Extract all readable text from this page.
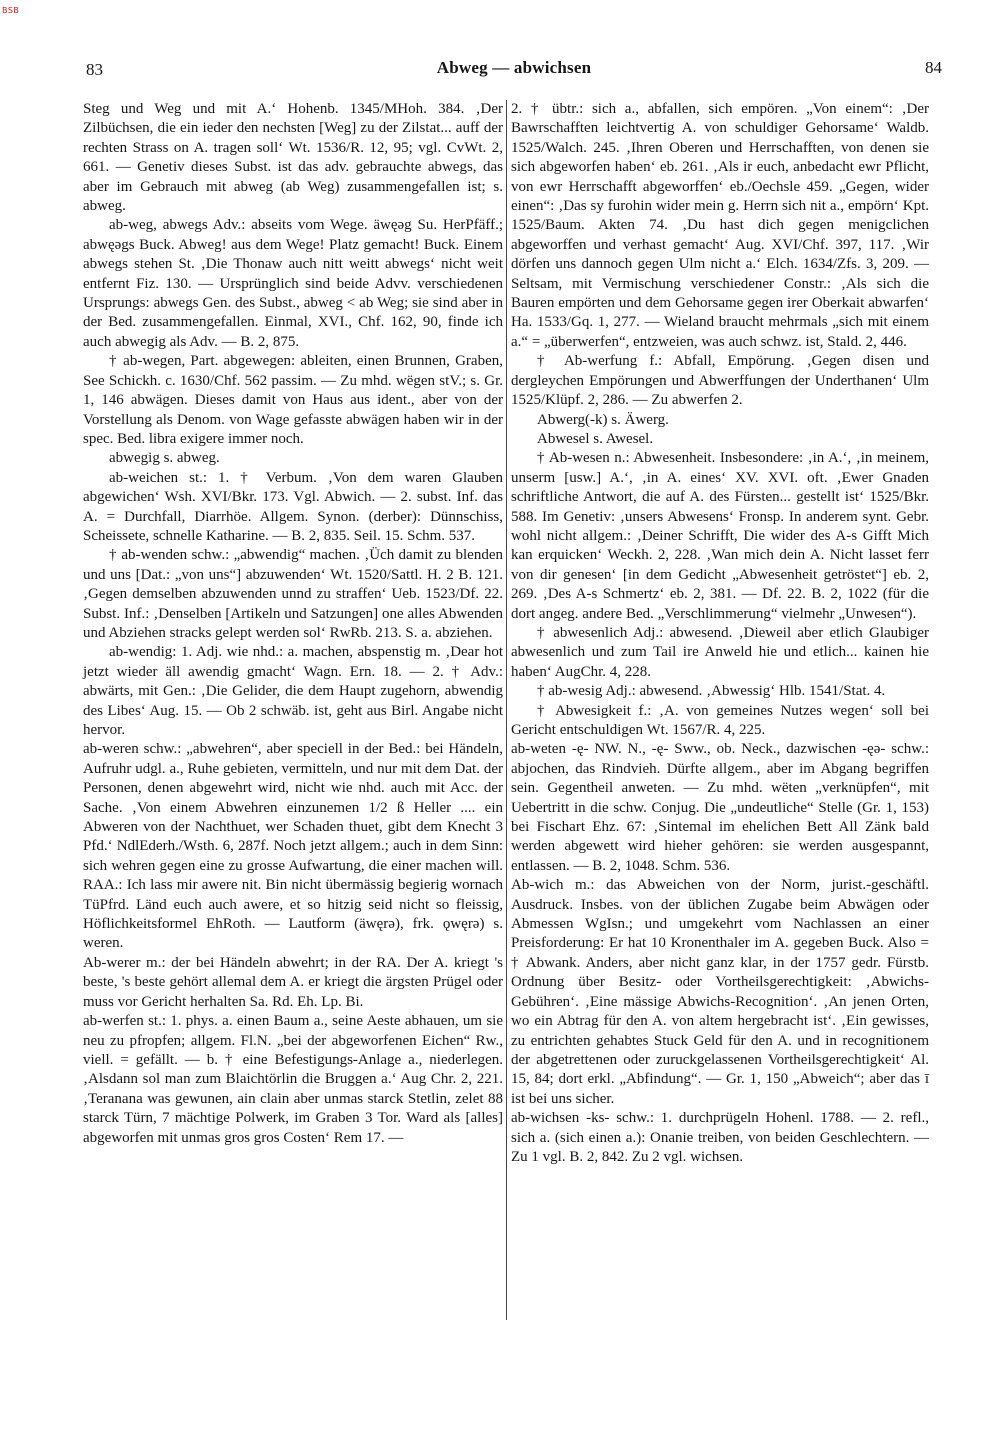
BSB
83	Abweg — abwichsen	84

Steg und Weg und mit A.‘ Hohenb. 1345/MHoh. 384. ‚Der Zilbüchsen, die ein ieder den nechsten [Weg] zu der Zilstat... auff der rechten Strass on A. tragen soll‘ Wt. 1536/R. 12, 95; vgl. CvWt. 2, 661. — Genetiv dieses Subst. ist das adv. gebrauchte abwegs, das aber im Gebrauch mit abweg (ab Weg) zusammengefallen ist; s. abweg.

ab-weg, abwegs Adv.: abseits vom Wege. äwęəg Su. HerPfäff.; abwęəgs Buck. Abweg! aus dem Wege! Platz gemacht! Buck. Einem abwegs stehen St. ‚Die Thonaw auch nitt weitt abwegs‘ nicht weit entfernt Fiz. 130. — Ursprünglich sind beide Advv. verschiedenen Ursprungs: abwegs Gen. des Subst., abweg < ab Weg; sie sind aber in der Bed. zusammengefallen. Einmal, XVI., Chf. 162, 90, finde ich auch abwegig als Adv. — B. 2, 875.

† ab-wegen, Part. abgewegen: ableiten, einen Brunnen, Graben, See Schickh. c. 1630/Chf. 562 passim. — Zu mhd. wëgen stV.; s. Gr. 1, 146 abwägen. Dieses damit von Haus aus ident., aber von der Vorstellung als Denom. von Wage gefasste abwägen haben wir in der spec. Bed. libra exigere immer noch.

abwegig s. abweg.

ab-weichen st.: 1. † Verbum. ‚Von dem waren Glauben abgewichen‘ Wsh. XVI/Bkr. 173. Vgl. Abwich. — 2. subst. Inf. das A. = Durchfall, Diarrhöe. Allgem. Synon. (derber): Dünnschiss, Scheissete, schnelle Katharine. — B. 2, 835. Seil. 15. Schm. 537.

† ab-wenden schw.: „abwendig“ machen. ‚Üch damit zu blenden und uns [Dat.: „von uns“] abzuwenden‘ Wt. 1520/Sattl. H. 2 B. 121. ‚Gegen demselben abzuwenden unnd zu straffen‘ Ueb. 1523/Df. 22. Subst. Inf.: ‚Denselben [Artikeln und Satzungen] one alles Abwenden und Abziehen stracks gelept werden sol‘ RwRb. 213. S. a. abziehen.

ab-wendig: 1. Adj. wie nhd.: a. machen, abspenstig m. ‚Dear hot jetzt wieder äll awendig gmacht‘ Wagn. Ern. 18. — 2. † Adv.: abwärts, mit Gen.: ‚Die Gelider, die dem Haupt zugehorn, abwendig des Libes‘ Aug. 15. — Ob 2 schwäb. ist, geht aus Birl. Angabe nicht hervor.

ab-weren schw.: „abwehren“, aber speciell in der Bed.: bei Händeln, Aufruhr udgl. a., Ruhe gebieten, vermitteln, und nur mit dem Dat. der Personen, denen abgewehrt wird, nicht wie nhd. auch mit Acc. der Sache. ‚Von einem Abwehren einzunemen 1/2 ß Heller .... ein Abweren von der Nachthuet, wer Schaden thuet, gibt dem Knecht 3 Pfd.‘ NdlEderh./Wsth. 6, 287f. Noch jetzt allgem.; auch in dem Sinn: sich wehren gegen eine zu grosse Aufwartung, die einer machen will. RAA.: Ich lass mir awere nit. Bin nicht übermässig begierig wornach TüPfrd. Länd euch auch awere, et so hitzig seid nicht so fleissig, Höflichkeitsformel EhRoth. — Lautform (äwęrə), frk. ǫwęrə) s. weren.

Ab-werer m.: der bei Händeln abwehrt; in der RA. Der A. kriegt 's beste, 's beste gehört allemal dem A. er kriegt die ärgsten Prügel oder muss vor Gericht herhalten Sa. Rd. Eh. Lp. Bi.

ab-werfen st.: 1. phys. a. einen Baum a., seine Aeste abhauen, um sie neu zu pfropfen; allgem. Fl.N. „bei der abgeworfenen Eichen“ Rw., viell. = gefällt. — b. † eine Befestigungs-Anlage a., niederlegen. ‚Alsdann sol man zum Blaichtörlin die Bruggen a.‘ Aug Chr. 2, 221. ‚Teranana was gewunen, ain clain aber unmas starck Stetlin, zelet 88 starck Türn, 7 mächtige Polwerk, im Graben 3 Tor. Ward als [alles] abgeworfen mit unmas gros gros Costen‘ Rem 17. —

2. † übtr.: sich a., abfallen, sich empören. „Von einem“: ‚Der Bawrschafften leichtvertig A. von schuldiger Gehorsame‘ Waldb. 1525/Walch. 245. ‚Ihren Oberen und Herrschafften, von denen sie sich abgeworfen haben‘ eb. 261. ‚Als ir euch, anbedacht ewr Pflicht, von ewr Herrschafft abgeworffen‘ eb./Oechsle 459. „Gegen, wider einen“: ‚Das sy furohin wider mein g. Herrn sich nit a., empörn‘ Kpt. 1525/Baum. Akten 74. ‚Du hast dich gegen menigclichen abgeworffen und verhast gemacht‘ Aug. XVI/Chf. 397, 117. ‚Wir dörfen uns dannoch gegen Ulm nicht a.‘ Elch. 1634/Zfs. 3, 209. — Seltsam, mit Vermischung verschiedener Constr.: ‚Als sich die Bauren empörten und dem Gehorsame gegen irer Oberkait abwarfen‘ Ha. 1533/Gq. 1, 277. — Wieland braucht mehrmals „sich mit einem a.“ = „überwerfen“, entzweien, was auch schwz. ist, Stald. 2, 446.

† Ab-werfung f.: Abfall, Empörung. ‚Gegen disen und dergleychen Empörungen und Abwerffungen der Underthanen‘ Ulm 1525/Klüpf. 2, 286. — Zu abwerfen 2.

Abwerg(-k) s. Äwerg.

Abwesel s. Awesel.

† Ab-wesen n.: Abwesenheit. Insbesondere: ‚in A.‘, ‚in meinem, unserm [usw.] A.‘, ‚in A. eines‘ XV. XVI. oft. ‚Ewer Gnaden schriftliche Antwort, die auf A. des Fürsten... gestellt ist‘ 1525/Bkr. 588. Im Genetiv: ‚unsers Abwesens‘ Fronsp. In anderem synt. Gebr. wohl nicht allgem.: ‚Deiner Schrifft, Die wider des A-s Gifft Mich kan erquicken‘ Weckh. 2, 228. ‚Wan mich dein A. Nicht lasset ferr von dir genesen‘ [in dem Gedicht „Abwesenheit getröstet“] eb. 2, 269. ‚Des A-s Schmertz‘ eb. 2, 381. — Df. 22. B. 2, 1022 (für die dort angeg. andere Bed. „Verschlimmerung“ vielmehr „Unwesen“).

† abwesenlich Adj.: abwesend. ‚Dieweil aber etlich Glaubiger abwesenlich und zum Tail ire Anweld hie und etlich... kainen hie haben‘ AugChr. 4, 228.

† ab-wesig Adj.: abwesend. ‚Abwessig‘ Hlb. 1541/Stat. 4.

† Abwesigkeit f.: ‚A. von gemeines Nutzes wegen‘ soll bei Gericht entschuldigen Wt. 1567/R. 4, 225.

ab-weten -ę- NW. N., -ę- Sww., ob. Neck., dazwischen -ęə- schw.: abjochen, das Rindvieh. Dürfte allgem., aber im Abgang begriffen sein. Gegentheil anweten. — Zu mhd. wëten „verknüpfen“, mit Uebertritt in die schw. Conjug. Die „undeutliche“ Stelle (Gr. 1, 153) bei Fischart Ehz. 67: ‚Sintemal im ehelichen Bett All Zänk bald werden abgewett wird hieher gehören: sie werden ausgespannt, entlassen. — B. 2, 1048. Schm. 536.

Ab-wich m.: das Abweichen von der Norm, jurist.-geschäftl. Ausdruck. Insbes. von der üblichen Zugabe beim Abwägen oder Abmessen WgIsn.; und umgekehrt vom Nachlassen an einer Preisforderung: Er hat 10 Kronenthaler im A. gegeben Buck. Also = † Abwank. Anders, aber nicht ganz klar, in der 1757 gedr. Fürstb. Ordnung über Besitz- oder Vortheilsgerechtigkeit: ‚Abwichs-Gebühren‘. ‚Eine mässige Abwichs-Recognition‘. ‚An jenen Orten, wo ein Abtrag für den A. von altem hergebracht ist‘. ‚Ein gewisses, zu entrichten gehabtes Stuck Geld für den A. und in recognitionem der abgetrettenen oder zuruckgelassenen Vortheilsgerechtigkeit‘ Al. 15, 84; dort erkl. „Abfindung“. — Gr. 1, 150 „Abweich“; aber das ī ist bei uns sicher.

ab-wichsen -ks- schw.: 1. durchprügeln Hohenl. 1788. — 2. refl., sich a. (sich einen a.): Onanie treiben, von beiden Geschlechtern. — Zu 1 vgl. B. 2, 842. Zu 2 vgl. wichsen.
